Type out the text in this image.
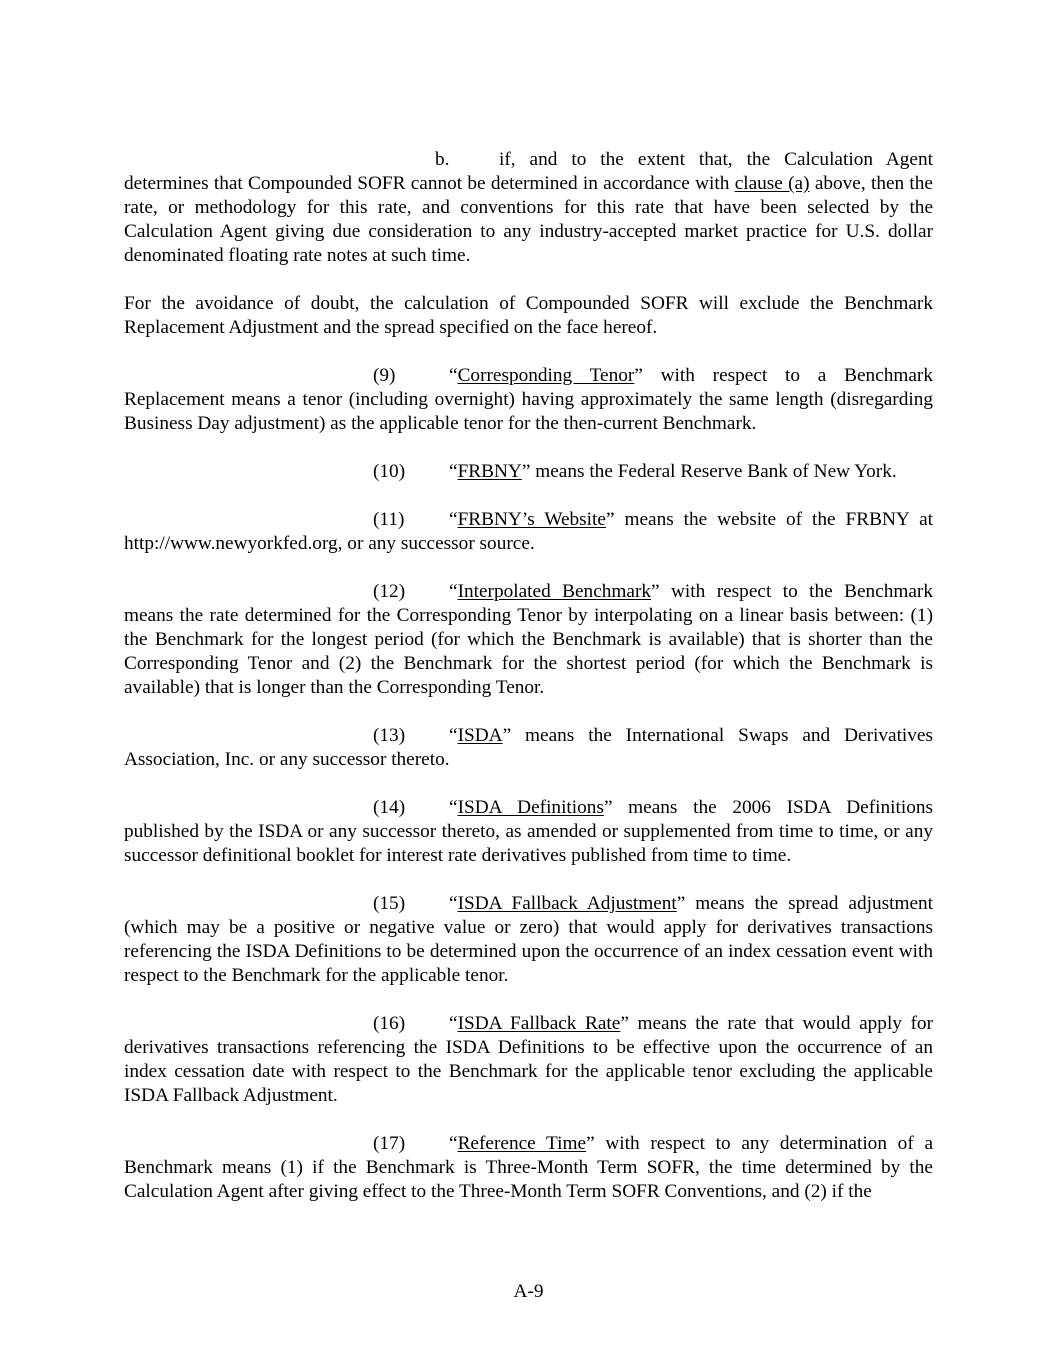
b.	if, and to the extent that, the Calculation Agent determines that Compounded SOFR cannot be determined in accordance with clause (a) above, then the rate, or methodology for this rate, and conventions for this rate that have been selected by the Calculation Agent giving due consideration to any industry-accepted market practice for U.S. dollar denominated floating rate notes at such time.

For the avoidance of doubt, the calculation of Compounded SOFR will exclude the Benchmark Replacement Adjustment and the spread specified on the face hereof.

(9)	“Corresponding Tenor” with respect to a Benchmark Replacement means a tenor (including overnight) having approximately the same length (disregarding Business Day adjustment) as the applicable tenor for the then-current Benchmark.

(10) “FRBNY” means the Federal Reserve Bank of New York.

(11) “FRBNY’s Website” means the website of the FRBNY at http://www.newyorkfed.org, or any successor source.

(12) “Interpolated Benchmark” with respect to the Benchmark means the rate determined for the Corresponding Tenor by interpolating on a linear basis between: (1) the Benchmark for the longest period (for which the Benchmark is available) that is shorter than the Corresponding Tenor and (2) the Benchmark for the shortest period (for which the Benchmark is available) that is longer than the Corresponding Tenor.

(13) “ISDA” means the International Swaps and Derivatives Association, Inc. or any successor thereto.

(14) “ISDA Definitions” means the 2006 ISDA Definitions published by the ISDA or any successor thereto, as amended or supplemented from time to time, or any successor definitional booklet for interest rate derivatives published from time to time.

(15) “ISDA Fallback Adjustment” means the spread adjustment (which may be a positive or negative value or zero) that would apply for derivatives transactions referencing the ISDA Definitions to be determined upon the occurrence of an index cessation event with respect to the Benchmark for the applicable tenor.

(16) “ISDA Fallback Rate” means the rate that would apply for derivatives transactions referencing the ISDA Definitions to be effective upon the occurrence of an index cessation date with respect to the Benchmark for the applicable tenor excluding the applicable ISDA Fallback Adjustment.

(17) “Reference Time” with respect to any determination of a Benchmark means (1) if the Benchmark is Three-Month Term SOFR, the time determined by the Calculation Agent after giving effect to the Three-Month Term SOFR Conventions, and (2) if the

A-9
